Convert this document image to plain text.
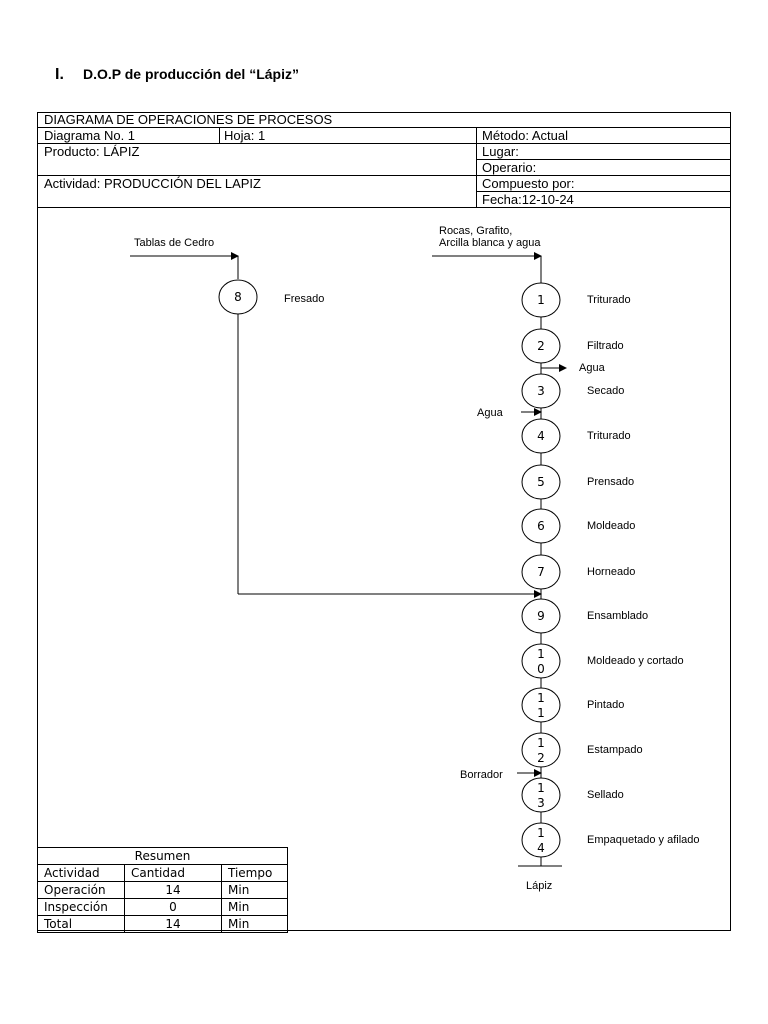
I. D.O.P de producción del “Lápiz”
DIAGRAMA DE OPERACIONES DE PROCESOS
Diagrama No. 1	Hoja: 1	Método: Actual
Producto: LÁPIZ	Lugar:
Operario:
Actividad: PRODUCCIÓN DEL LAPIZ	Compuesto por:
Fecha:12-10-24
Tablas de Cedro
8	Fresado
Rocas, Grafito,
Arcilla blanca y agua
1	Triturado
2	Filtrado
3	Secado
4	Triturado
5	Prensado
6	Moldeado
7	Horneado
9	Ensamblado
1
0
Moldeado y cortado
1
1
Pintado
1
2
Estampado
1
3
Sellado
1
4
Empaquetado y afilado
Agua
Agua
Borrador
Lápiz
Resumen		
Actividad	Cantidad	Tiempo
Operación	14	Min
Inspección	0	Min
Total	14	Min
